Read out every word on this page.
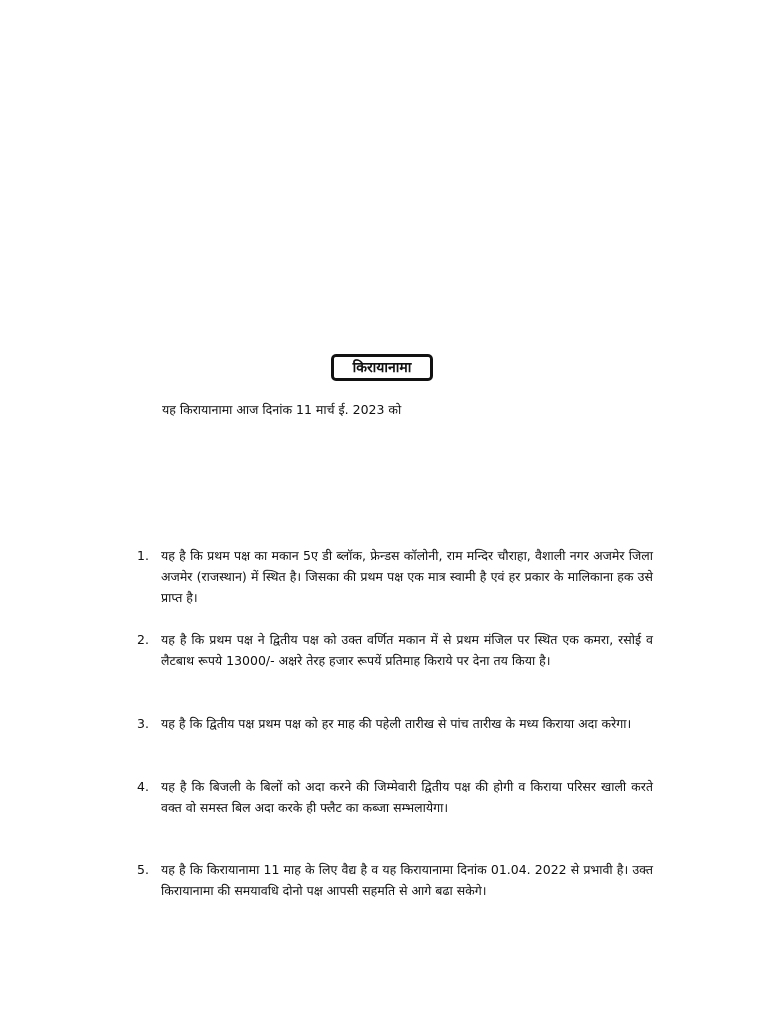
किरायानामा
यह किरायानामा आज दिनांक 11 मार्च ई. 2023 को
1. यह है कि प्रथम पक्ष का मकान 5ए डी ब्लॉक, फ्रेन्डस कॉलोनी, राम मन्दिर चौराहा, वैशाली नगर अजमेर जिला अजमेर (राजस्थान) में स्थित है। जिसका की प्रथम पक्ष एक मात्र स्वामी है एवं हर प्रकार के मालिकाना हक उसे प्राप्त है।
2. यह है कि प्रथम पक्ष ने द्वितीय पक्ष को उक्त वर्णित मकान में से प्रथम मंजिल पर स्थित एक कमरा, रसोई व लैटबाथ रूपये 13000/- अक्षरे तेरह हजार रूपयें प्रतिमाह किराये पर देना तय किया है।
3. यह है कि द्वितीय पक्ष प्रथम पक्ष को हर माह की पहेली तारीख से पांच तारीख के मध्य किराया अदा करेगा।
4. यह है कि बिजली के बिलों को अदा करने की जिम्मेवारी द्वितीय पक्ष की होगी व किराया परिसर खाली करते वक्त वो समस्त बिल अदा करके ही फ्लैट का कब्जा सम्भलायेगा।
5. यह है कि किरायानामा 11 माह के लिए वैद्य है व यह किरायानामा दिनांक 01.04. 2022 से प्रभावी है। उक्त किरायानामा की समयावधि दोनो पक्ष आपसी सहमति से आगे बढा सकेगे।
